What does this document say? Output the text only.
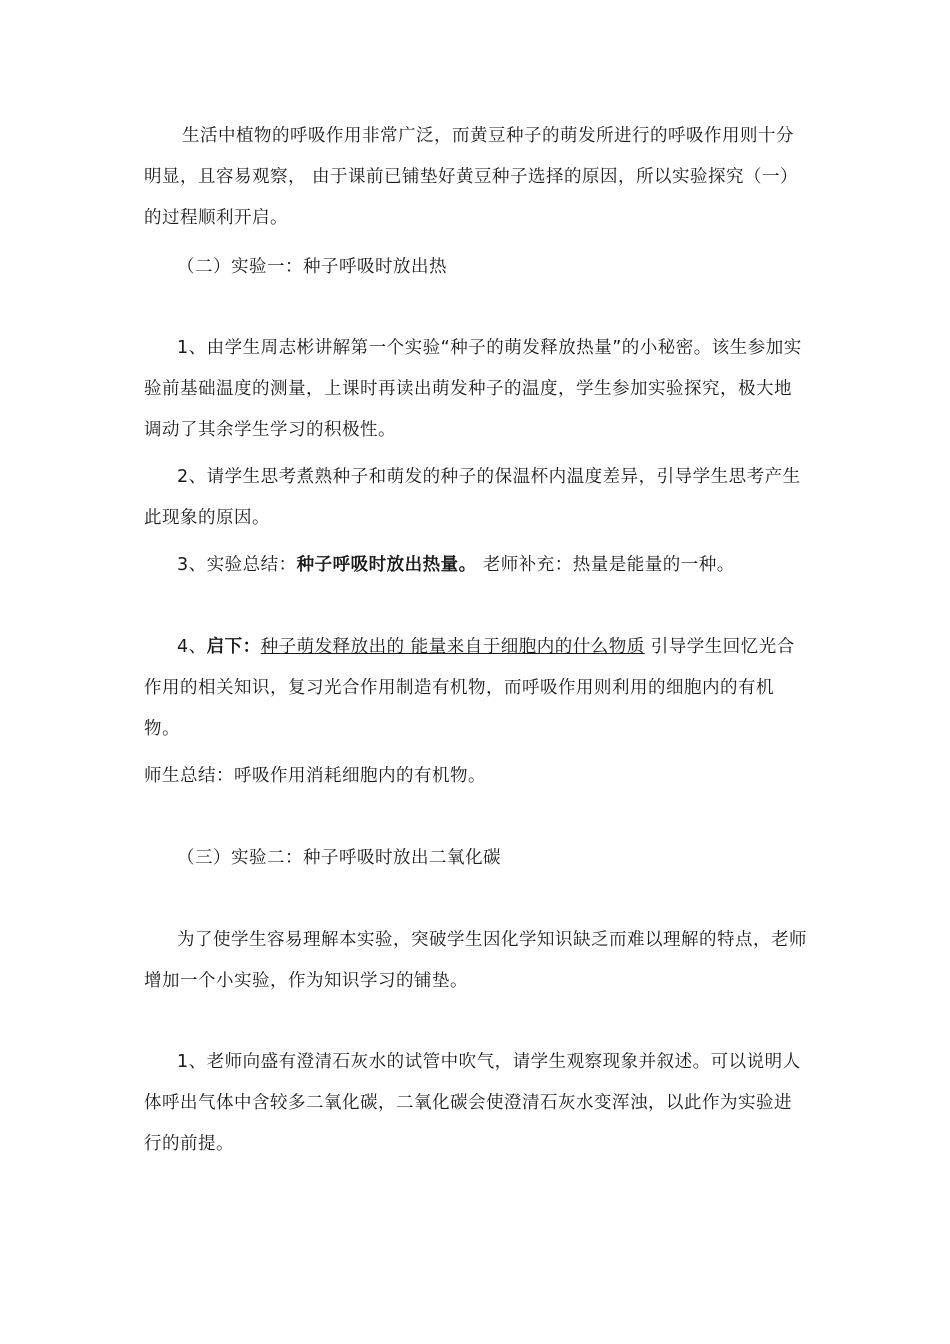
生活中植物的呼吸作用非常广泛，而黄豆种子的萌发所进行的呼吸作用则十分明显，且容易观察， 由于课前已铺垫好黄豆种子选择的原因，所以实验探究（一）的过程顺利开启。

（二）实验一：种子呼吸时放出热

1、由学生周志彬讲解第一个实验“种子的萌发释放热量”的小秘密。该生参加实验前基础温度的测量，上课时再读出萌发种子的温度，学生参加实验探究，极大地调动了其余学生学习的积极性。

2、请学生思考煮熟种子和萌发的种子的保温杯内温度差异，引导学生思考产生此现象的原因。

3、实验总结：种子呼吸时放出热量。 老师补充：热量是能量的一种。

4、启下：种子萌发释放出的 能量来自于细胞内的什么物质 引导学生回忆光合作用的相关知识，复习光合作用制造有机物，而呼吸作用则利用的细胞内的有机物。

师生总结：呼吸作用消耗细胞内的有机物。

（三）实验二：种子呼吸时放出二氧化碳

为了使学生容易理解本实验，突破学生因化学知识缺乏而难以理解的特点，老师增加一个小实验，作为知识学习的铺垫。

1、老师向盛有澄清石灰水的试管中吹气，请学生观察现象并叙述。可以说明人体呼出气体中含较多二氧化碳，二氧化碳会使澄清石灰水变浑浊，以此作为实验进行的前提。
